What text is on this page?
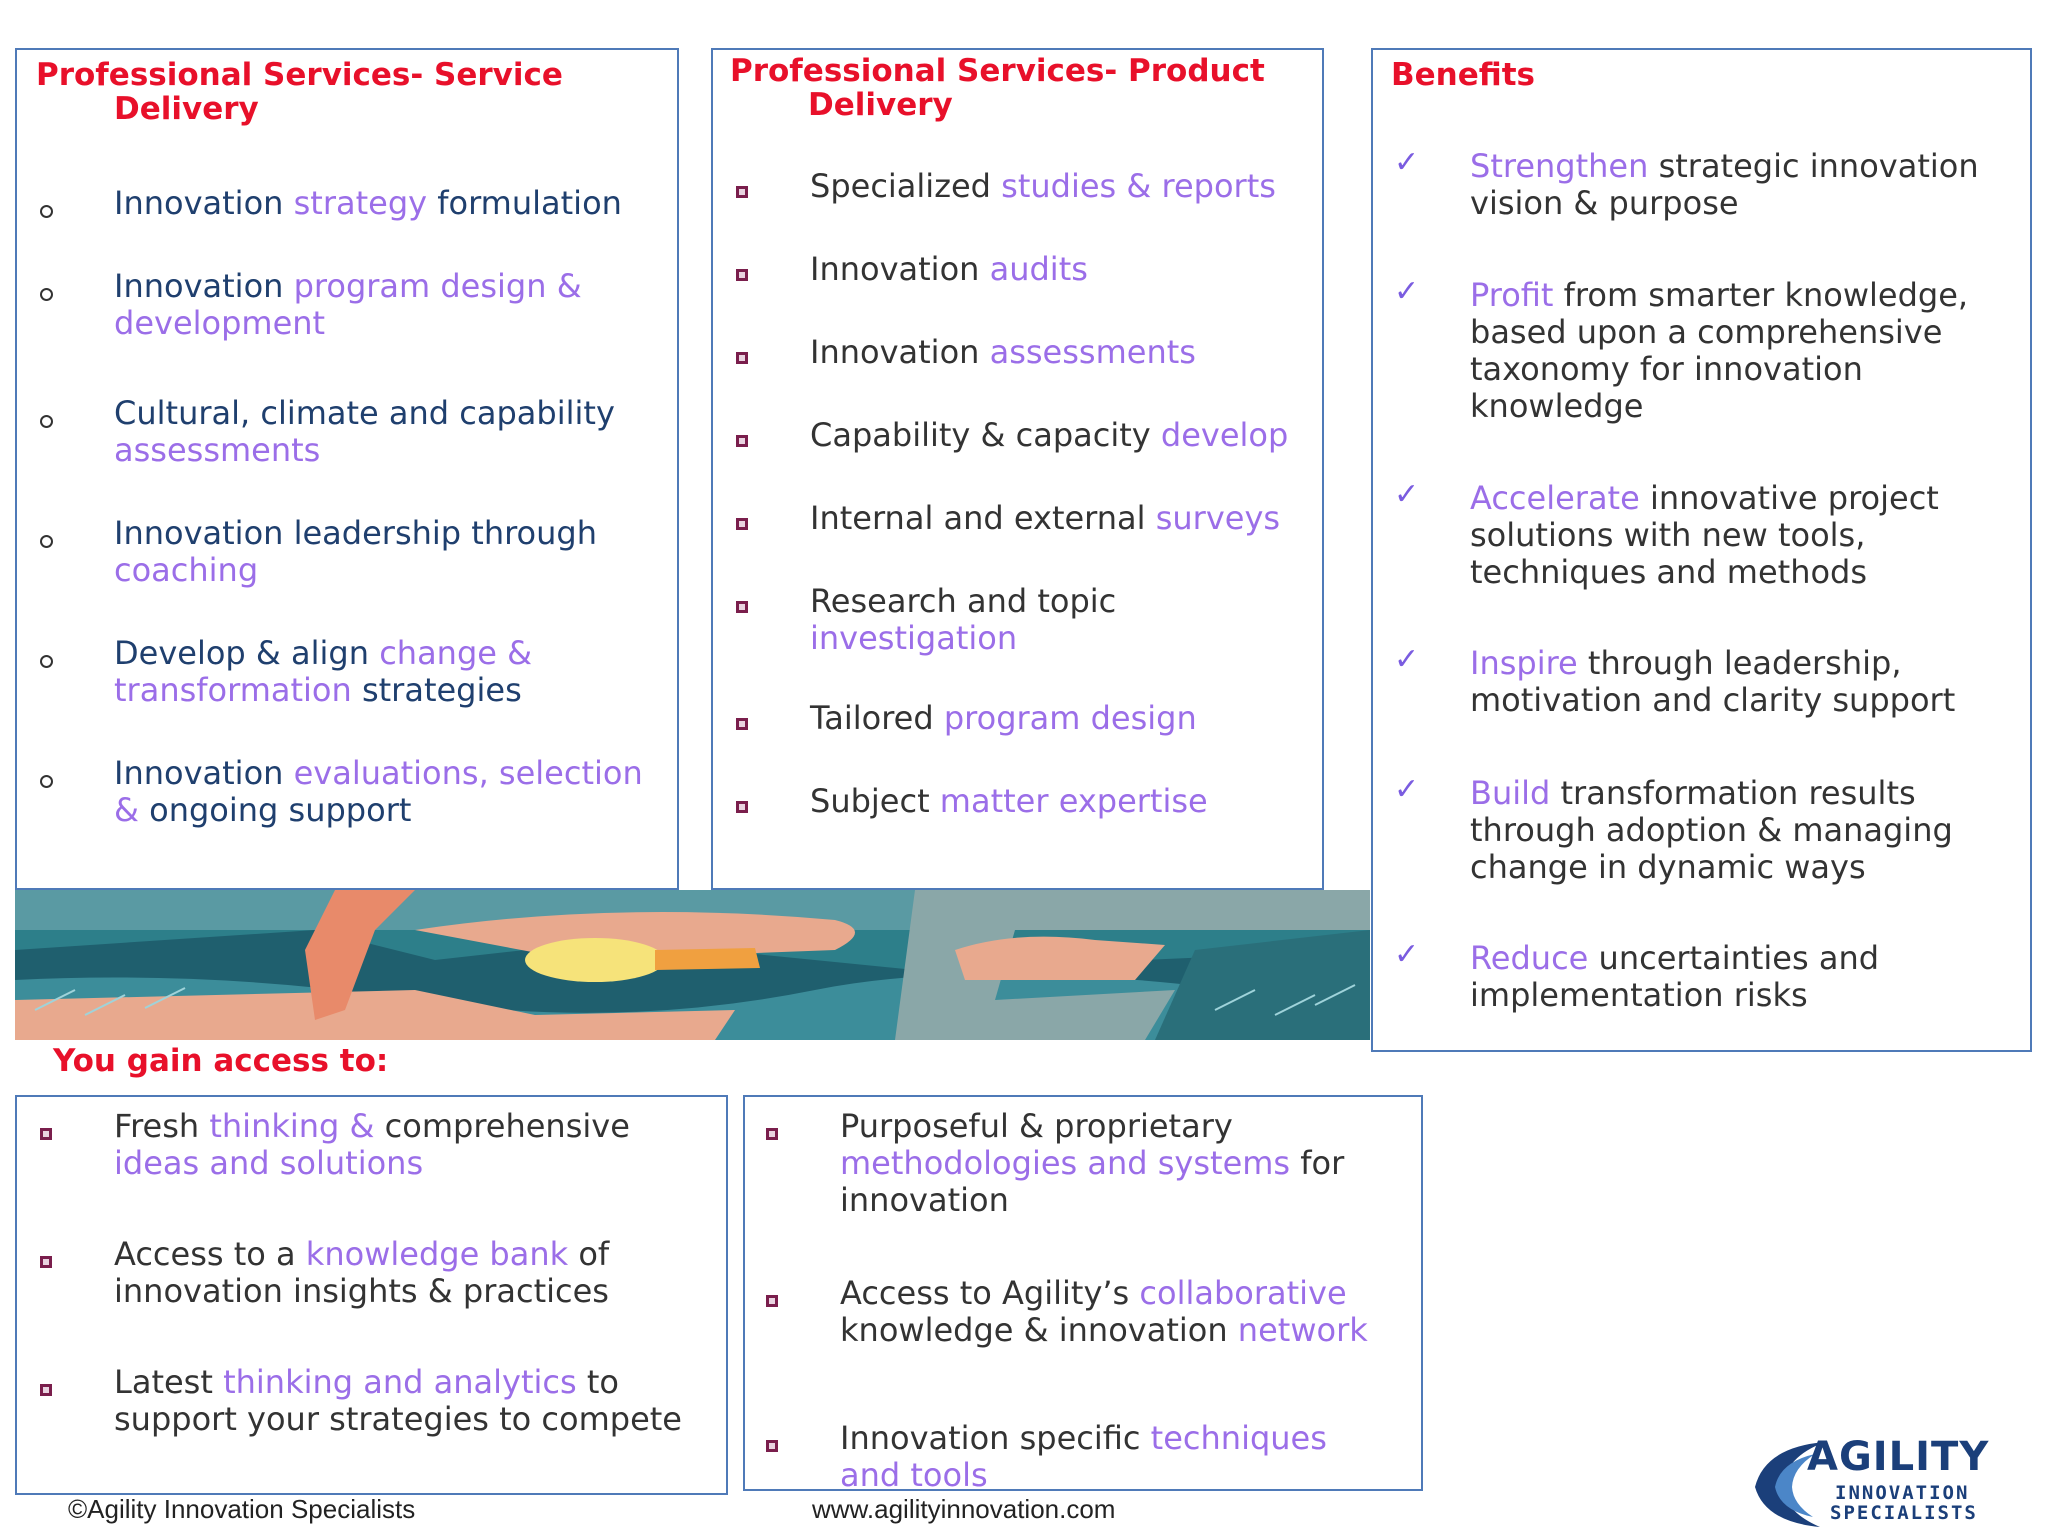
Professional Services- Service
Delivery
Innovation strategy formulation
Innovation program design &
development
Cultural, climate and capability
assessments
Innovation leadership through
coaching
Develop & align change &
transformation strategies
Innovation evaluations, selection
& ongoing support
Professional Services- Product
Delivery
Specialized studies & reports
Innovation audits
Innovation assessments
Capability & capacity develop
Internal and external surveys
Research and topic
investigation
Tailored program design
Subject matter expertise
Benefits
✓ Strengthen strategic innovation
vision & purpose
✓ Profit from smarter knowledge,
based upon a comprehensive
taxonomy for innovation
knowledge
✓ Accelerate innovative project
solutions with new tools,
techniques and methods
✓ Inspire through leadership,
motivation and clarity support
✓ Build transformation results
through adoption & managing
change in dynamic ways
✓ Reduce uncertainties and
implementation risks
You gain access to:
Fresh thinking & comprehensive
ideas and solutions
Access to a knowledge bank of
innovation insights & practices
Latest thinking and analytics to
support your strategies to compete
Purposeful & proprietary
methodologies and systems for
innovation
Access to Agility’s collaborative
knowledge & innovation network
Innovation specific techniques
and tools
©Agility Innovation Specialists	www.agilityinnovation.com
AGILITY
INNOVATION
SPECIALISTS
